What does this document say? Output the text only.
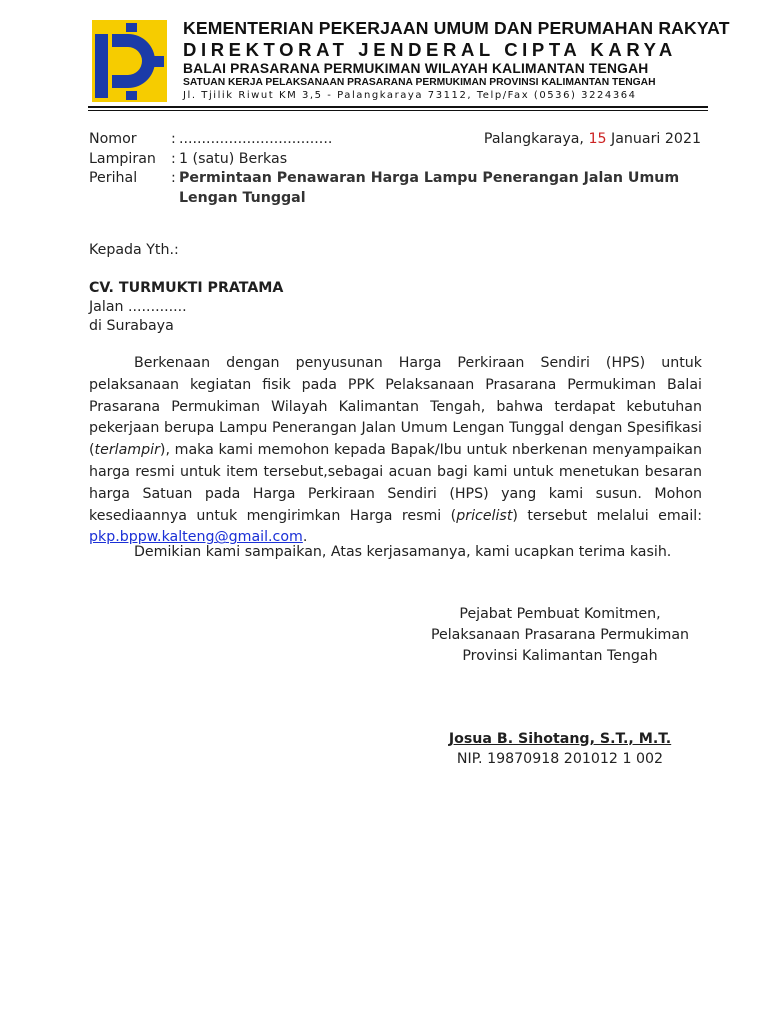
KEMENTERIAN PEKERJAAN UMUM DAN PERUMAHAN RAKYAT
DIREKTORAT JENDERAL CIPTA KARYA
BALAI PRASARANA PERMUKIMAN WILAYAH KALIMANTAN TENGAH
SATUAN KERJA PELAKSANAAN PRASARANA PERMUKIMAN PROVINSI KALIMANTAN TENGAH
Jl. Tjilik Riwut KM 3,5 - Palangkaraya 73112, Telp/Fax (0536) 3224364
Nomor	: ..................................
Lampiran	: 1 (satu) Berkas
Perihal	: Permintaan Penawaran Harga Lampu Penerangan Jalan Umum
Lengan Tunggal
Palangkaraya, 15 Januari 2021
Kepada Yth.:
CV. TURMUKTI PRATAMA
Jalan .............
di Surabaya
Berkenaan dengan penyusunan Harga Perkiraan Sendiri (HPS) untuk pelaksanaan kegiatan fisik pada PPK Pelaksanaan Prasarana Permukiman Balai Prasarana Permukiman Wilayah Kalimantan Tengah, bahwa terdapat kebutuhan pekerjaan berupa Lampu Penerangan Jalan Umum Lengan Tunggal dengan Spesifikasi (terlampir), maka kami memohon kepada Bapak/Ibu untuk nberkenan menyampaikan harga resmi untuk item tersebut,sebagai acuan bagi kami untuk menetukan besaran harga Satuan pada Harga Perkiraan Sendiri (HPS) yang kami susun. Mohon kesediaannya untuk mengirimkan Harga resmi (pricelist) tersebut melalui email: pkp.bppw.kalteng@gmail.com.
Demikian kami sampaikan, Atas kerjasamanya, kami ucapkan terima kasih.
Pejabat Pembuat Komitmen,
Pelaksanaan Prasarana Permukiman
Provinsi Kalimantan Tengah
Josua B. Sihotang, S.T., M.T.
NIP. 19870918 201012 1 002
